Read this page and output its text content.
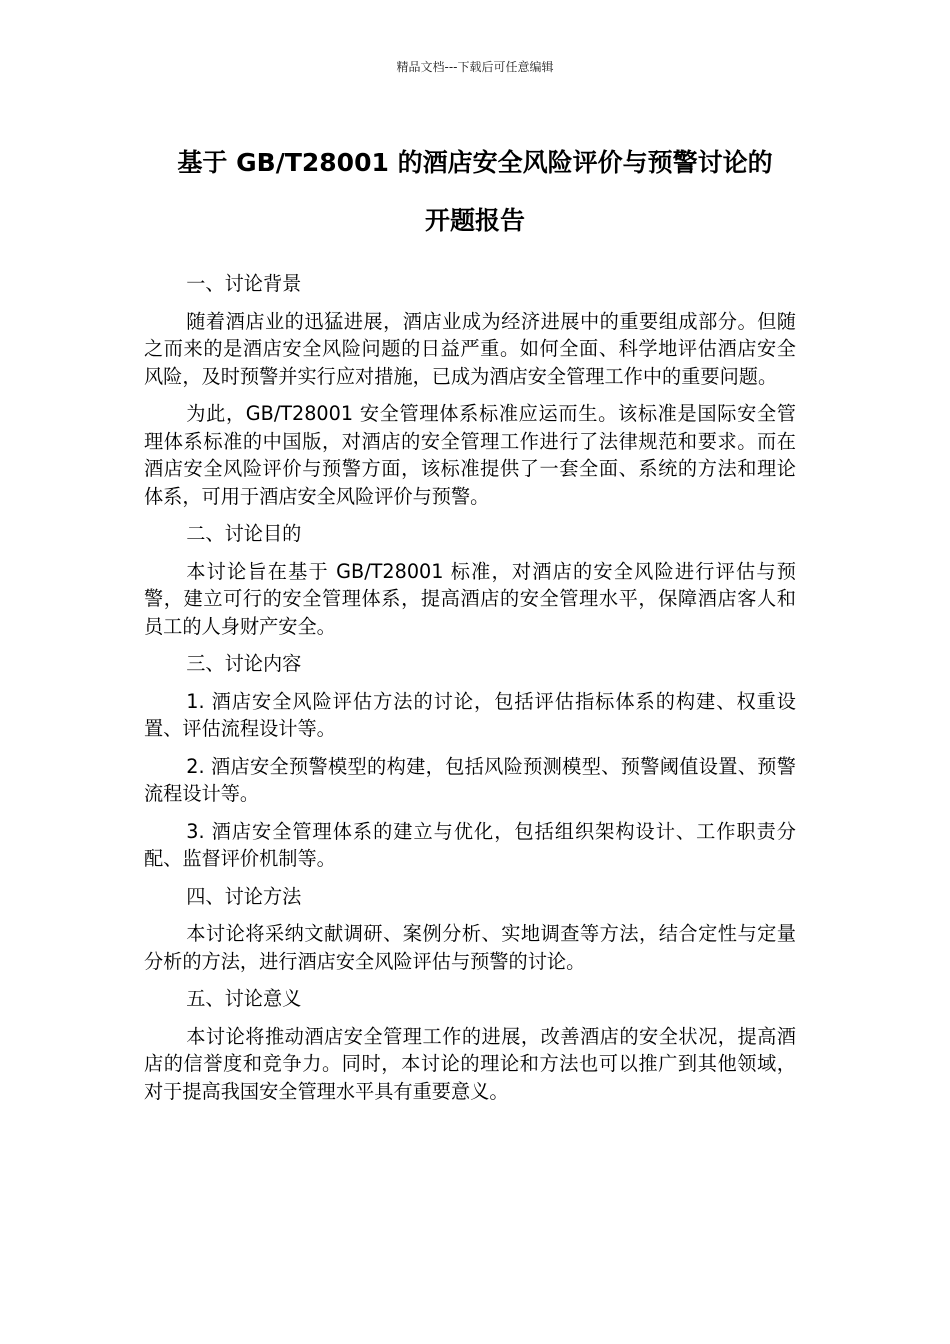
精品文档---下载后可任意编辑
基于 GB/T28001 的酒店安全风险评价与预警讨论的
开题报告

一、讨论背景

随着酒店业的迅猛进展，酒店业成为经济进展中的重要组成部分。但随之而来的是酒店安全风险问题的日益严重。如何全面、科学地评估酒店安全风险，及时预警并实行应对措施，已成为酒店安全管理工作中的重要问题。

为此，GB/T28001 安全管理体系标准应运而生。该标准是国际安全管理体系标准的中国版，对酒店的安全管理工作进行了法律规范和要求。而在酒店安全风险评价与预警方面，该标准提供了一套全面、系统的方法和理论体系，可用于酒店安全风险评价与预警。

二、讨论目的

本讨论旨在基于 GB/T28001 标准，对酒店的安全风险进行评估与预警，建立可行的安全管理体系，提高酒店的安全管理水平，保障酒店客人和员工的人身财产安全。

三、讨论内容

1. 酒店安全风险评估方法的讨论，包括评估指标体系的构建、权重设置、评估流程设计等。

2. 酒店安全预警模型的构建，包括风险预测模型、预警阈值设置、预警流程设计等。

3. 酒店安全管理体系的建立与优化，包括组织架构设计、工作职责分配、监督评价机制等。

四、讨论方法

本讨论将采纳文献调研、案例分析、实地调查等方法，结合定性与定量分析的方法，进行酒店安全风险评估与预警的讨论。

五、讨论意义

本讨论将推动酒店安全管理工作的进展，改善酒店的安全状况，提高酒店的信誉度和竞争力。同时，本讨论的理论和方法也可以推广到其他领域，对于提高我国安全管理水平具有重要意义。
